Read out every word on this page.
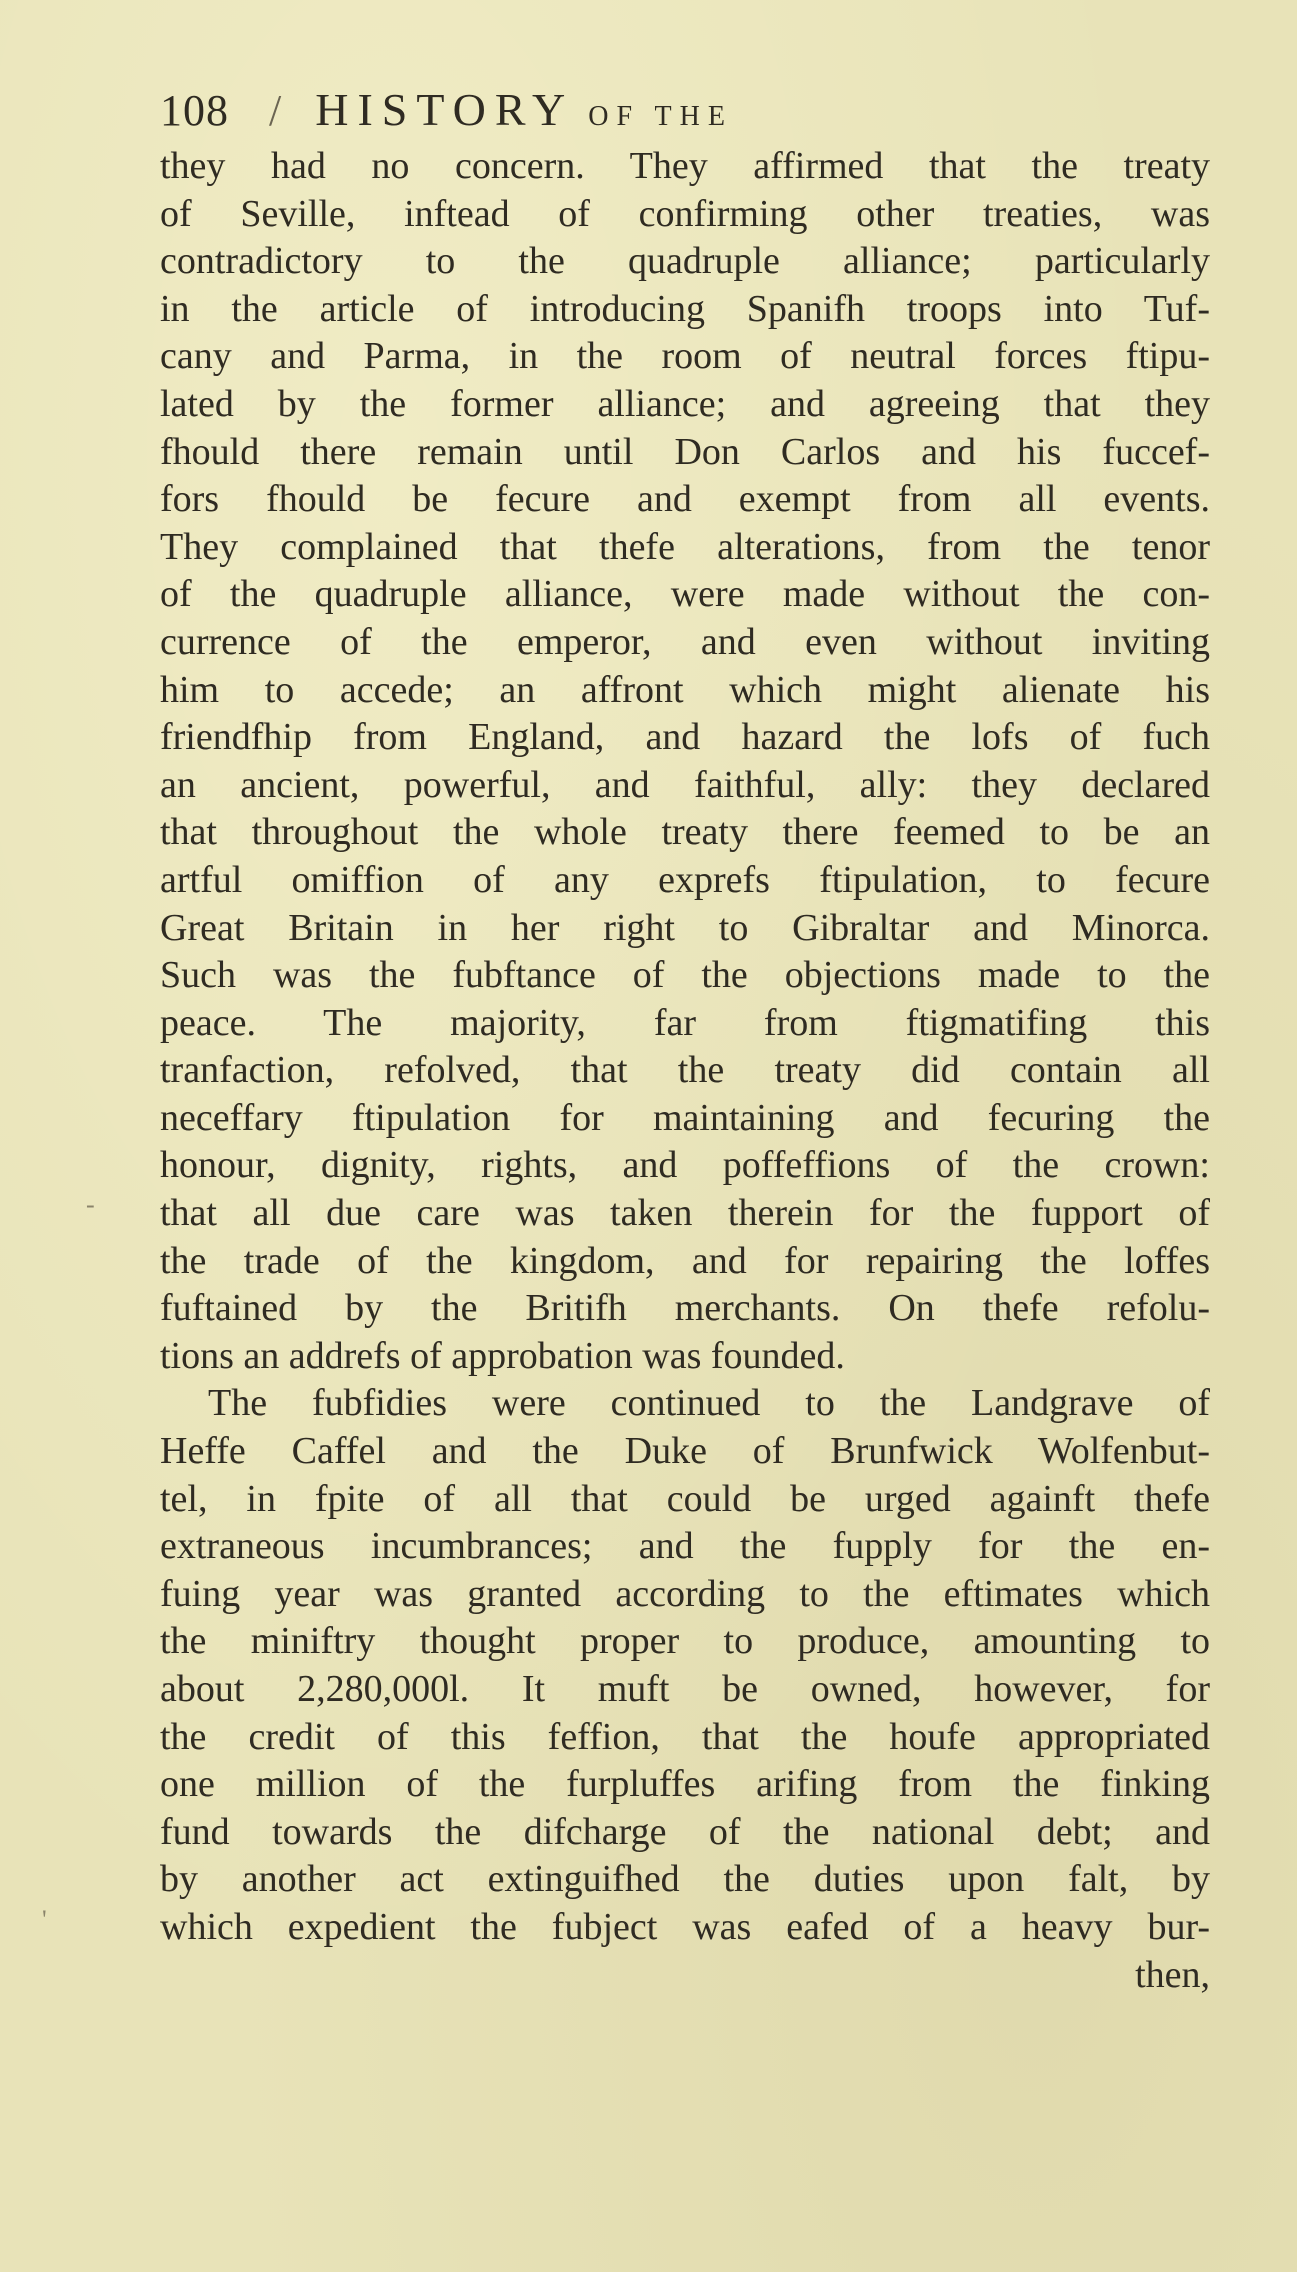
108 / HISTORY OF THE
they had no concern. They affirmed that the treaty
of Seville, inftead of confirming other treaties, was
contradictory to the quadruple alliance; particularly
in the article of introducing Spanifh troops into Tuf-
cany and Parma, in the room of neutral forces ftipu-
lated by the former alliance; and agreeing that they
fhould there remain until Don Carlos and his fuccef-
fors fhould be fecure and exempt from all events.
They complained that thefe alterations, from the tenor
of the quadruple alliance, were made without the con-
currence of the emperor, and even without inviting
him to accede; an affront which might alienate his
friendfhip from England, and hazard the lofs of fuch
an ancient, powerful, and faithful, ally: they declared
that throughout the whole treaty there feemed to be an
artful omiffion of any exprefs ftipulation, to fecure
Great Britain in her right to Gibraltar and Minorca.
Such was the fubftance of the objections made to the
peace. The majority, far from ftigmatifing this
tranfaction, refolved, that the treaty did contain all
neceffary ftipulation for maintaining and fecuring the
honour, dignity, rights, and poffeffions of the crown:
that all due care was taken therein for the fupport of
the trade of the kingdom, and for repairing the loffes
fuftained by the Britifh merchants. On thefe refolu-
tions an addrefs of approbation was founded.
The fubfidies were continued to the Landgrave of
Heffe Caffel and the Duke of Brunfwick Wolfenbut-
tel, in fpite of all that could be urged againft thefe
extraneous incumbrances; and the fupply for the en-
fuing year was granted according to the eftimates which
the miniftry thought proper to produce, amounting to
about 2,280,000l. It muft be owned, however, for
the credit of this feffion, that the houfe appropriated
one million of the furpluffes arifing from the finking
fund towards the difcharge of the national debt; and
by another act extinguifhed the duties upon falt, by
which expedient the fubject was eafed of a heavy bur-
then,
-
'
